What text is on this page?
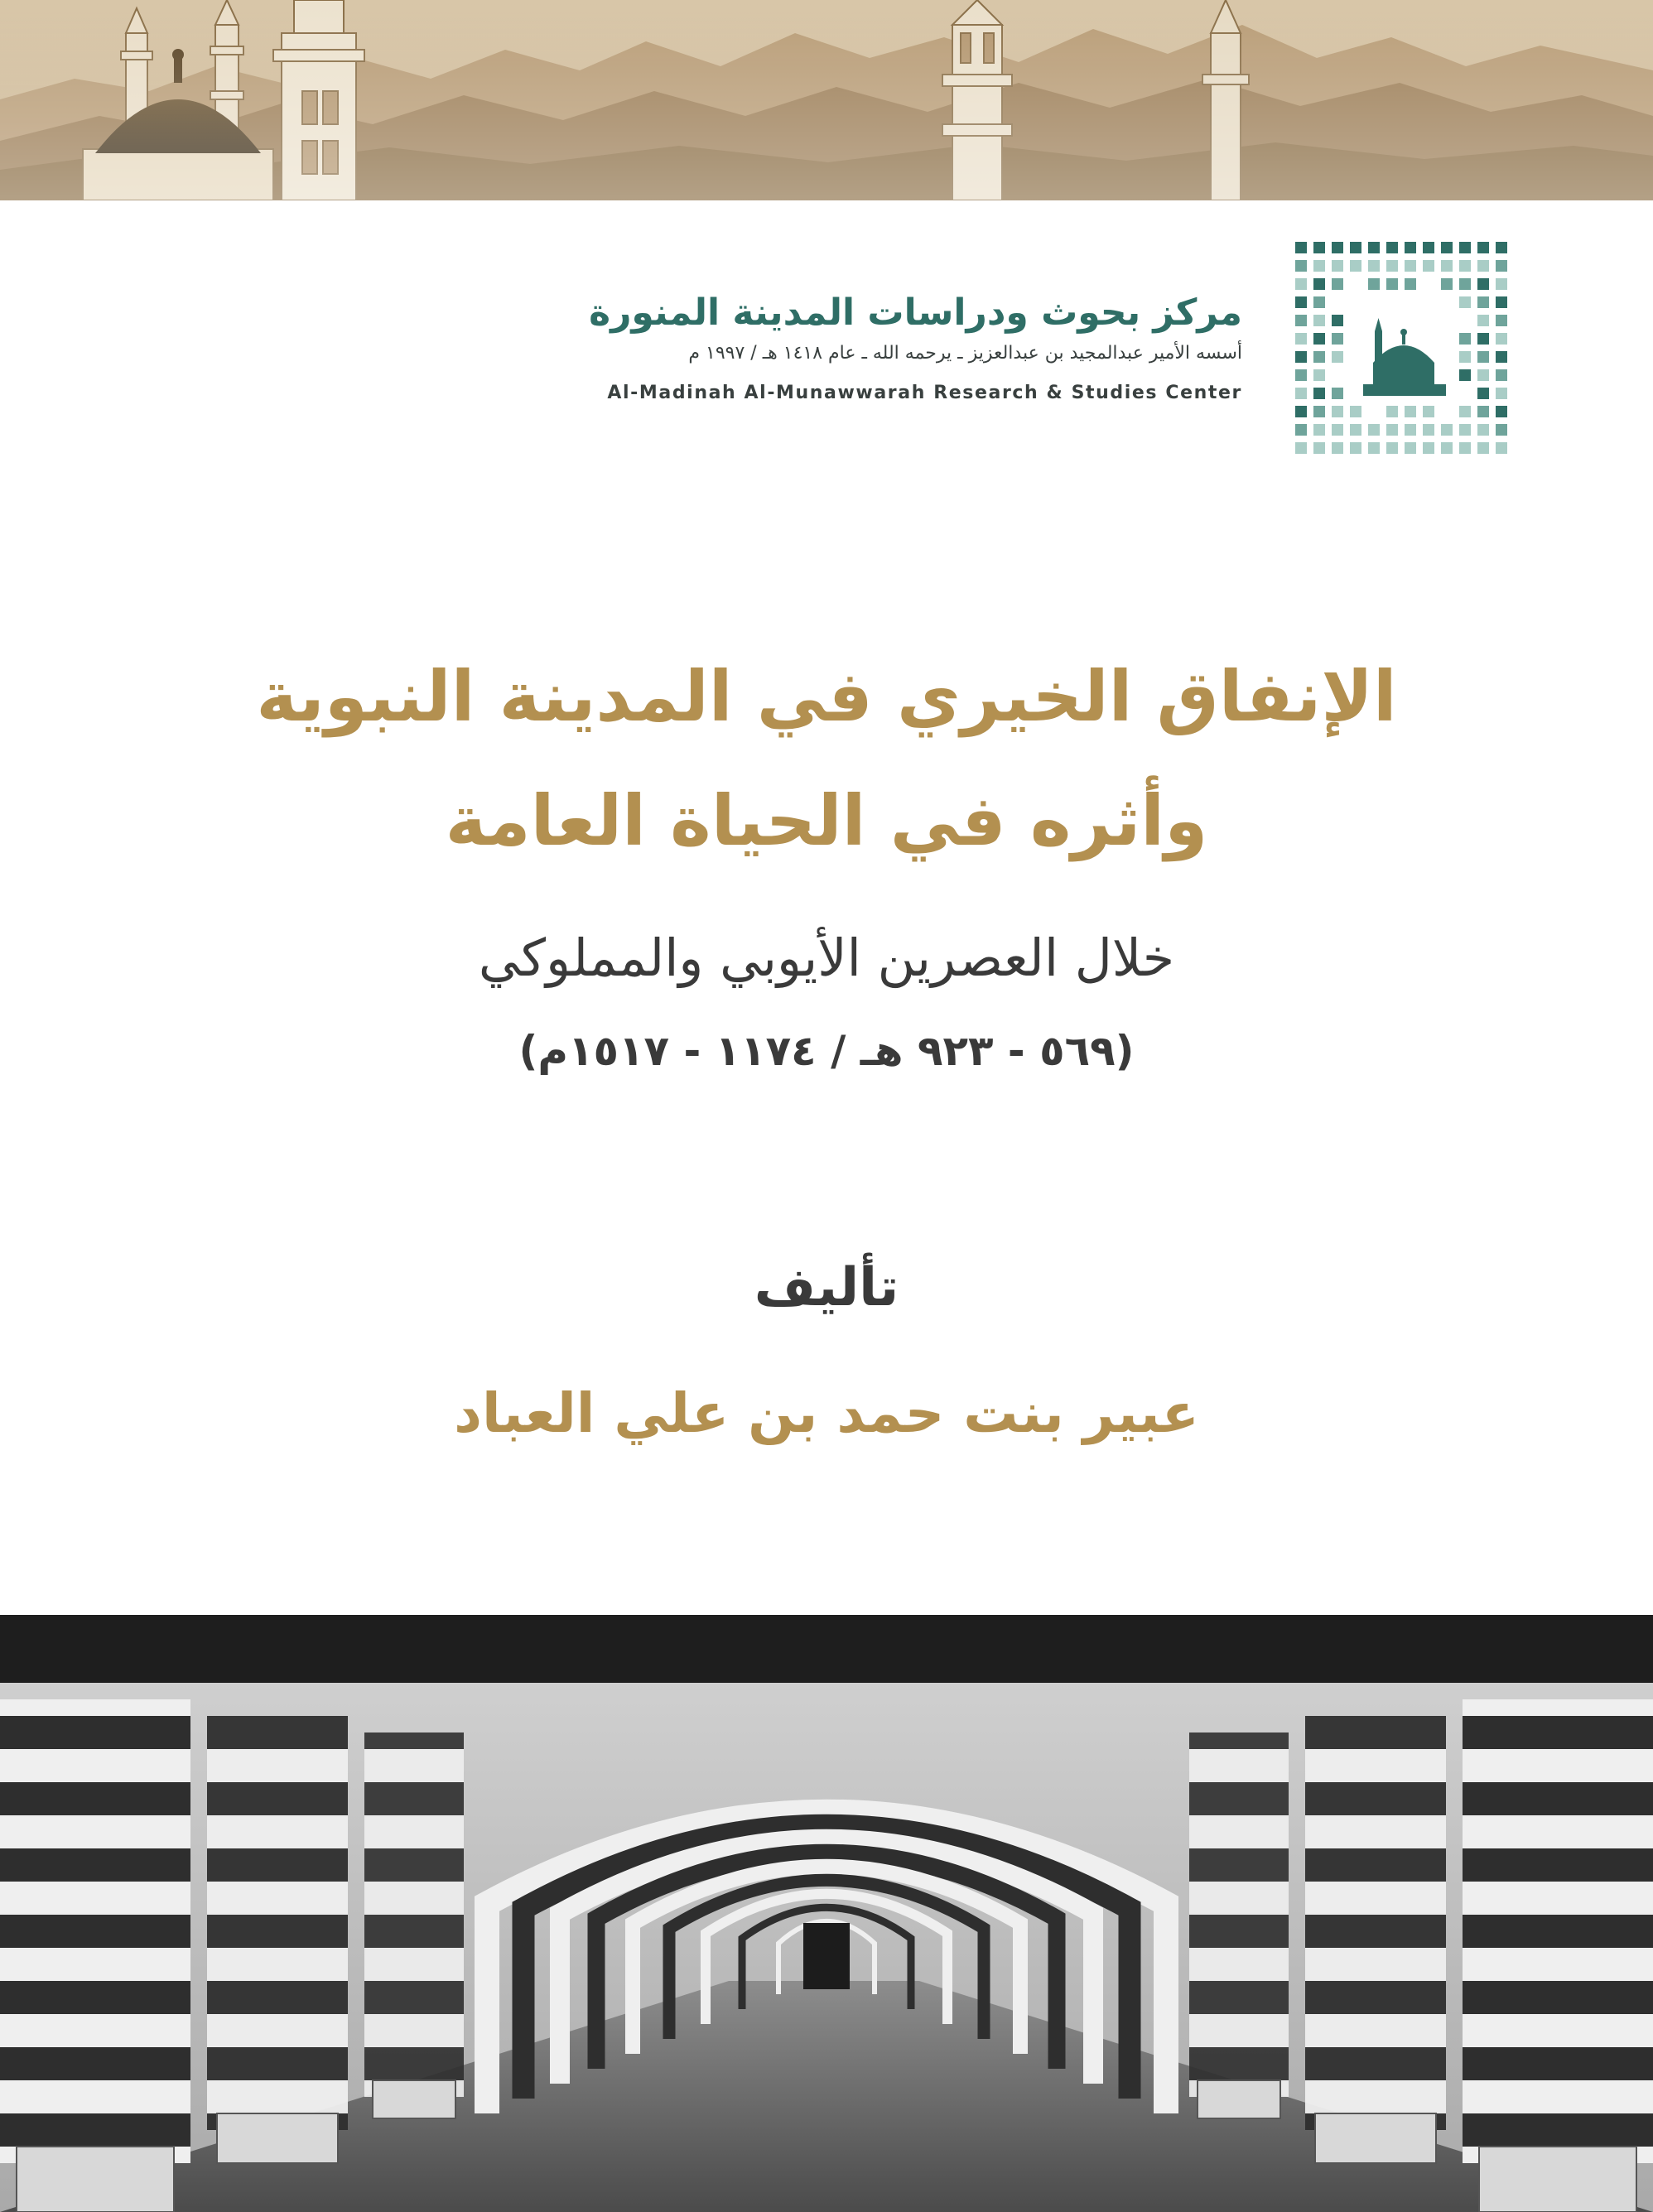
مركز بحوث ودراسات المدينة المنورة
أسسه الأمير عبدالمجيد بن عبدالعزيز ـ يرحمه الله ـ عام ١٤١٨ هـ / ١٩٩٧ م
Al-Madinah Al-Munawwarah Research & Studies Center
الإنفاق الخيري في المدينة النبوية
وأثره في الحياة العامة
خلال العصرين الأيوبي والمملوكي
(٥٦٩ - ٩٢٣ هـ / ١١٧٤ - ١٥١٧م)
تأليف
عبير بنت حمد بن علي العباد
